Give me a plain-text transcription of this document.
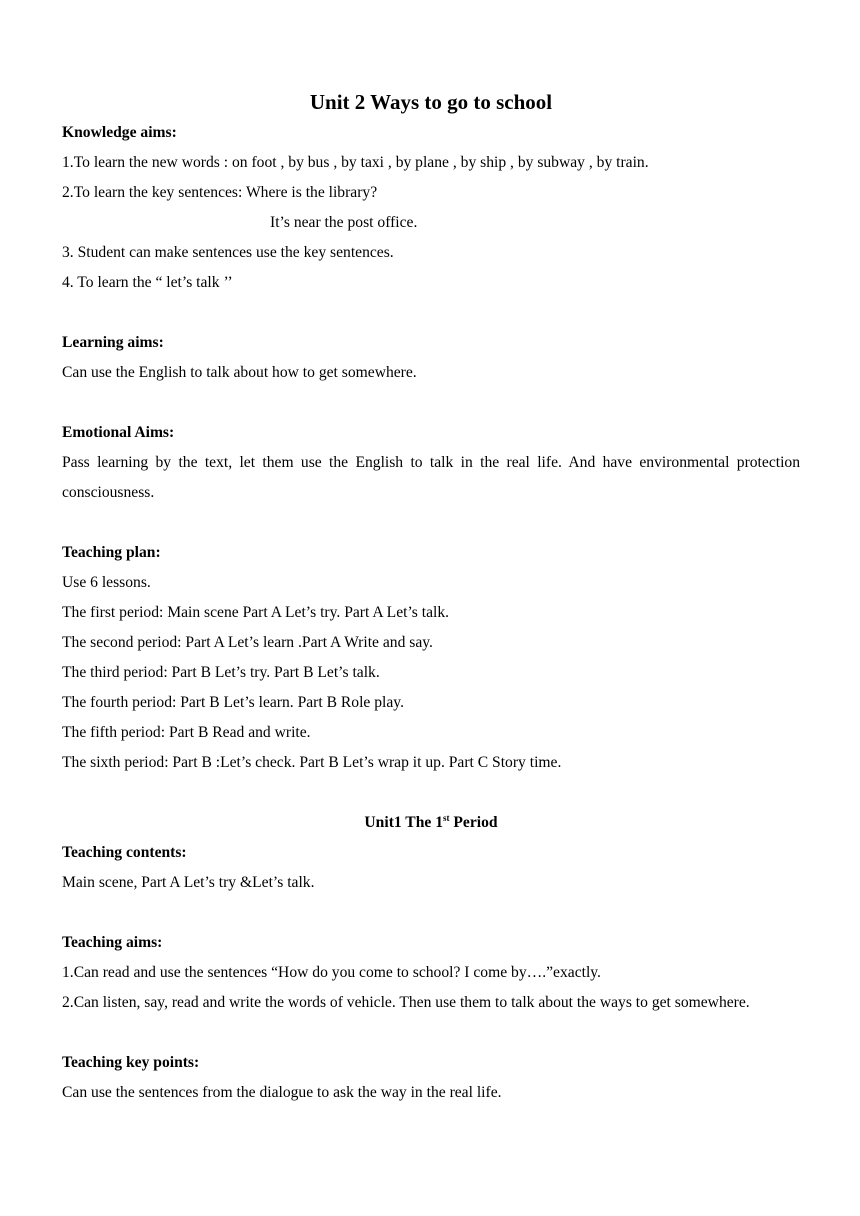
Unit 2 Ways to go to school

Knowledge aims:

1.To learn the new words : on foot , by bus , by taxi , by plane , by ship , by subway , by train.

2.To learn the key sentences: Where is the library?

It’s near the post office.

3. Student can make sentences use the key sentences.

4. To learn the “ let’s talk ’’

Learning aims:

Can use the English to talk about how to get somewhere.

Emotional Aims:

Pass learning by the text, let them use the English to talk in the real life. And have environmental protection consciousness.

Teaching plan:

Use 6 lessons.

The first period: Main scene Part A Let’s try. Part A Let’s talk.

The second period: Part A Let’s learn .Part A Write and say.

The third period: Part B Let’s try. Part B Let’s talk.

The fourth period: Part B Let’s learn. Part B Role play.

The fifth period: Part B Read and write.

The sixth period: Part B :Let’s check. Part B Let’s wrap it up. Part C Story time.

Unit1 The 1st Period

Teaching contents:

Main scene, Part A Let’s try &Let’s talk.

Teaching aims:

1.Can read and use the sentences “How do you come to school? I come by….”exactly.

2.Can listen, say, read and write the words of vehicle. Then use them to talk about the ways to get somewhere.

Teaching key points:

Can use the sentences from the dialogue to ask the way in the real life.
